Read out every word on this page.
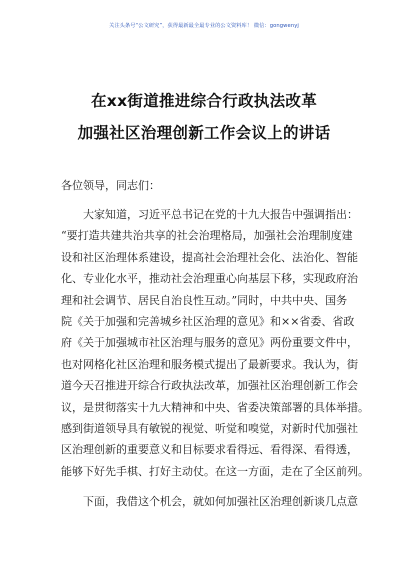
关注头条号“公文研究”，获得最新最全最专业的公文资料库！ 微信：gongwenyj
在xx街道推进综合行政执法改革
加强社区治理创新工作会议上的讲话
各位领导，同志们：
大家知道，习近平总书记在党的十九大报告中强调指出：
“要打造共建共治共享的社会治理格局，加强社会治理制度建
设和社区治理体系建设，提高社会治理社会化、法治化、智能
化、专业化水平，推动社会治理重心向基层下移，实现政府治
理和社会调节、居民自治良性互动。”同时，中共中央、国务
院《关于加强和完善城乡社区治理的意见》和××省委、省政
府《关于加强城市社区治理与服务的意见》两份重要文件中，
也对网格化社区治理和服务模式提出了最新要求。我认为，街
道今天召推进开综合行政执法改革，加强社区治理创新工作会
议，是贯彻落实十九大精神和中央、省委决策部署的具体举措。
感到街道领导具有敏锐的视觉、听觉和嗅觉，对新时代加强社
区治理创新的重要意义和目标要求看得远、看得深、看得透，
能够下好先手棋、打好主动仗。在这一方面，走在了全区前列。
下面，我借这个机会，就如何加强社区治理创新谈几点意
